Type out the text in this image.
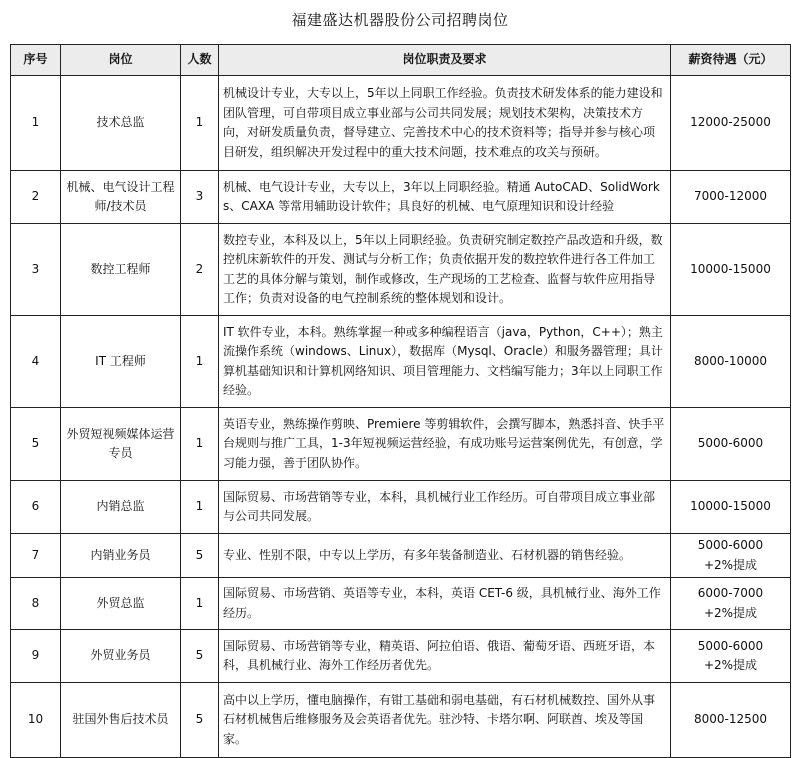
福建盛达机器股份公司招聘岗位
序号	岗位	人数	岗位职责及要求	薪资待遇（元）
1	技术总监	1	机械设计专业，大专以上，5年以上同职工作经验。负责技术研发体系的能力建设和团队管理，可自带项目成立事业部与公司共同发展；规划技术架构，决策技术方向，对研发质量负责，督导建立、完善技术中心的技术资料等；指导并参与核心项目研发，组织解决开发过程中的重大技术问题，技术难点的攻关与预研。	12000-25000

2	机械、电气设计工程师/技术员	3	机械、电气设计专业，大专以上，3年以上同职经验。精通 AutoCAD、SolidWorks、CAXA 等常用辅助设计软件；具良好的机械、电气原理知识和设计经验	7000-12000

3	数控工程师	2	数控专业，本科及以上，5年以上同职经验。负责研究制定数控产品改造和升级，数控机床新软件的开发、测试与分析工作；负责依据开发的数控软件进行各工件加工工艺的具体分解与策划，制作或修改，生产现场的工艺检查、监督与软件应用指导工作；负责对设备的电气控制系统的整体规划和设计。	10000-15000

4	IT 工程师	1	IT 软件专业，本科。熟练掌握一种或多种编程语言（java，Python，C++）；熟主流操作系统（windows、Linux），数据库（Mysql、Oracle）和服务器管理；具计算机基础知识和计算机网络知识、项目管理能力、文档编写能力；3年以上同职工作经验。	8000-10000

5	外贸短视频媒体运营专员	1	英语专业，熟练操作剪映、Premiere 等剪辑软件，会撰写脚本，熟悉抖音、快手平台规则与推广工具，1-3年短视频运营经验，有成功账号运营案例优先，有创意，学习能力强，善于团队协作。	5000-6000

6	内销总监	1	国际贸易、市场营销等专业，本科，具机械行业工作经历。可自带项目成立事业部与公司共同发展。	10000-15000

7	内销业务员	5	专业、性别不限，中专以上学历，有多年装备制造业、石材机器的销售经验。	5000-6000
+2%提成

8	外贸总监	1	国际贸易、市场营销、英语等专业，本科，英语 CET-6 级，具机械行业、海外工作经历。	6000-7000
+2%提成

9	外贸业务员	5	国际贸易、市场营销等专业，精英语、阿拉伯语、俄语、葡萄牙语、西班牙语，本科，具机械行业、海外工作经历者优先。	5000-6000
+2%提成

10	驻国外售后技术员	5	高中以上学历，懂电脑操作，有钳工基础和弱电基础，有石材机械数控、国外从事石材机械售后维修服务及会英语者优先。驻沙特、卡塔尔啊、阿联酋、埃及等国家。	8000-12500
